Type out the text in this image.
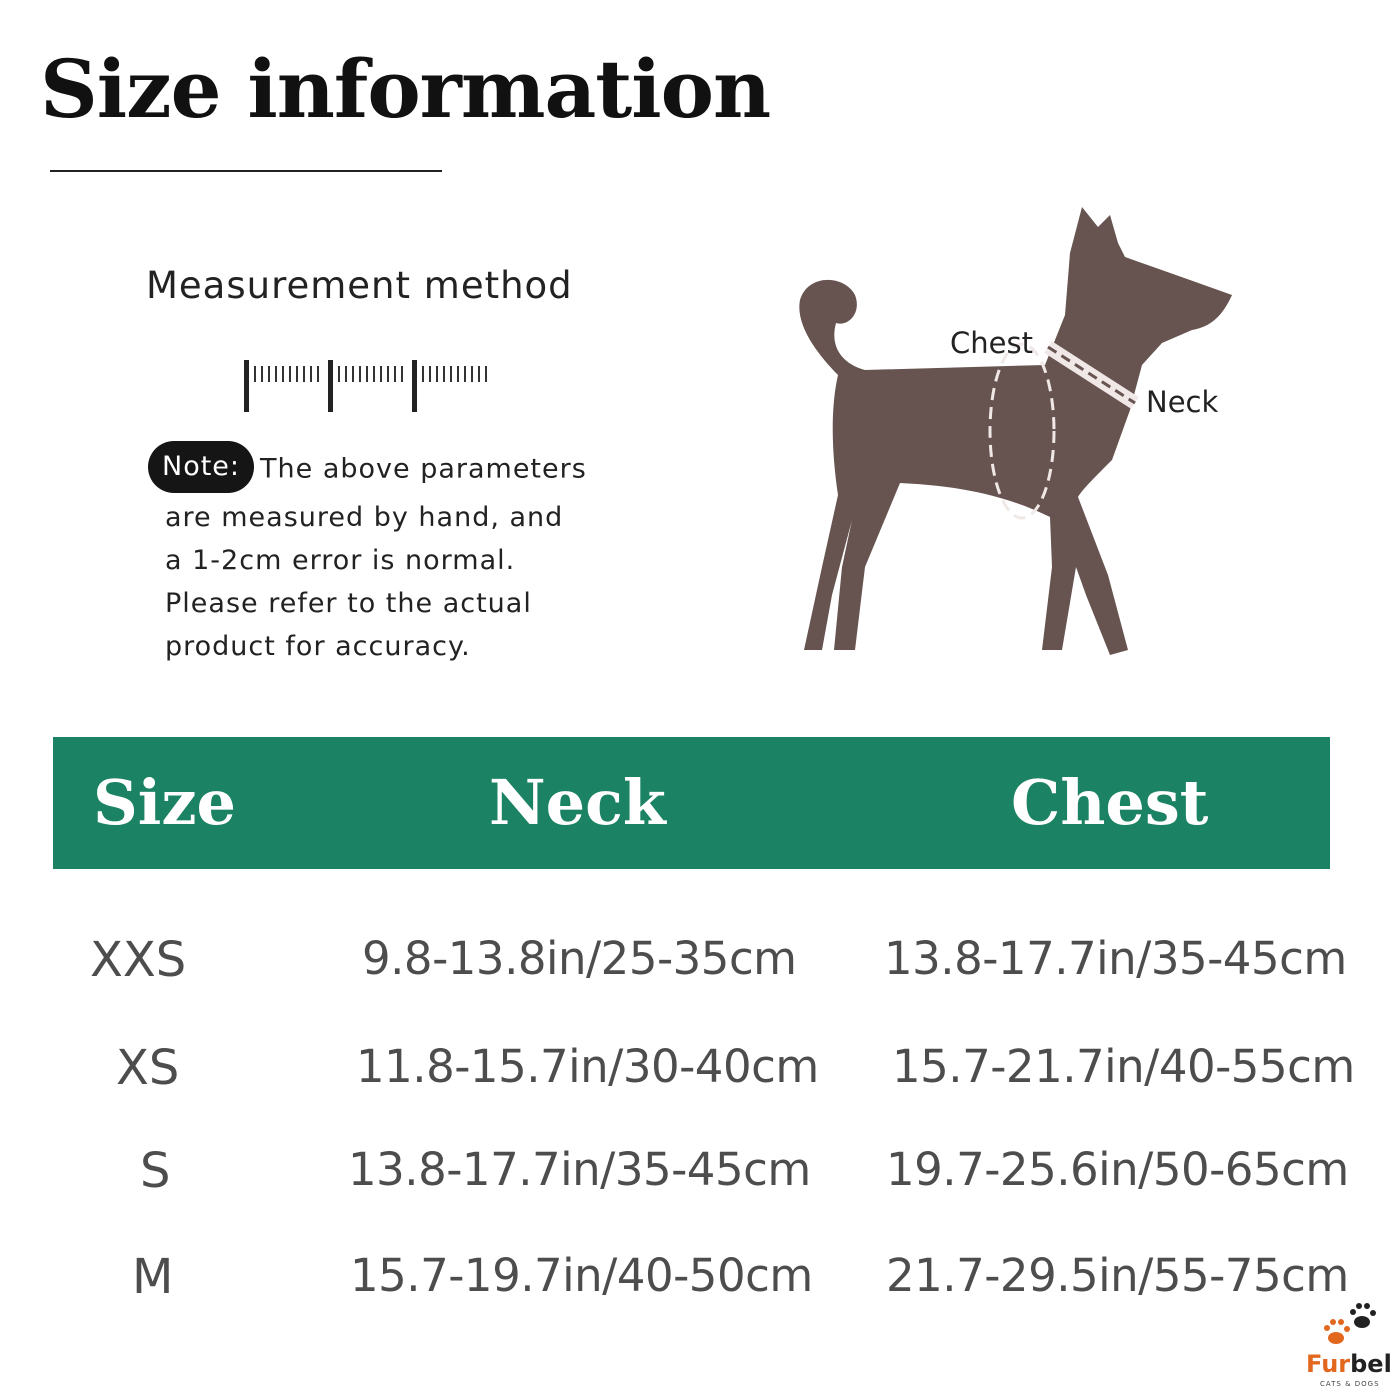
Size information
Measurement method
Note: The above parameters
are measured by hand, and
a 1-2cm error is normal.
Please refer to the actual
product for accuracy.
Chest
Neck
Size	Neck	Chest
XXS	9.8-13.8in/25-35cm 13.8-17.7in/35-45cm
XS	11.8-15.7in/30-40cm 15.7-21.7in/40-55cm
S	13.8-17.7in/35-45cm 19.7-25.6in/50-65cm
M	15.7-19.7in/40-50cm 21.7-29.5in/55-75cm
Furbel
CATS & DOGS
